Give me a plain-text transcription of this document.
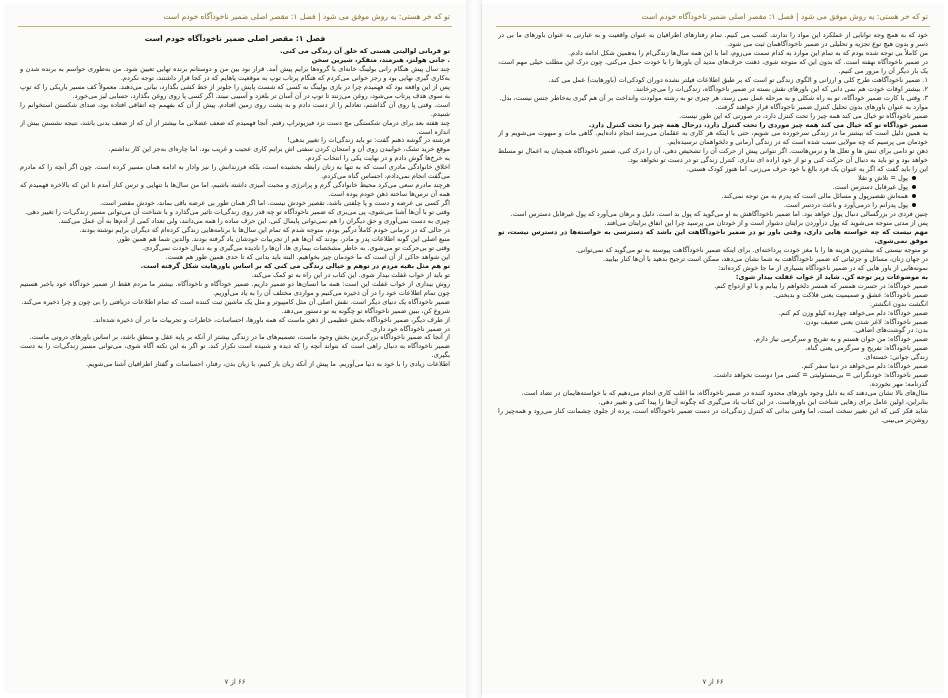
تو که خر هستی: یه روش موفق می شود | فصل ۱: مقصر اصلی ضمیر ناخودآگاه خودم است
فصل ۱: مقصر اصلی ضمیر ناخودآگاه خودم است

تو قربانی لوالیتی هستی که خلق آن زندگی می کنی.

. جانی هولتز، هنرمند، متفکر، شیرین سخن

چند سال پیش هنگام رانی بولینگ خانه‌ای با گروه‌ها برایم پیش آمد. قرار بود بین من و دوستانم برنده تهایی تعیین شود. من به‌طوری حواسم به برنده شدن و به‌کاری گیری نهایی بود و رجز خوانی می‌کردم که هنگام پرتاب توپ به موقعیت پاهایم که در کجا قرار داشتند، توجه نکردم.

پس از این واقعه بود که فهمیدم چرا در بازی بولینگ به کسی که شست پایش را جلوتر از خط کشی بگذارد، بیانی می‌دهند. معمولاً کف مسیر باریکی را که توپ به سوی هدف پرتاب می‌شود، روغن می‌زنند تا توپ در آن آسان تر بلغزد و آسیبی نبیند. اگر کسی پا روی روغن بگذارد، حسابی لیز می‌خورد.

است. وقتی پا روی آن گذاشتم، تعادلم را از دست دادم و به پشت روی زمین افتادم. پیش از آن که بفهمم چه اتفاقی افتاده بود، صدای شکستن استخوانم را شنیدم.

چند هفته بعد برای درمان شکستگی مچ دست نزد فیزیوتراپ رفتم. آنجا فهمیدم که ضعف عضلانی ما بیشتر از آن که از ضعف بدنی باشد، نتیجه نشستن بیش از اندازه است.

فرشته در گوشه ذهنم گفت: تو باید زندگی‌ات را تغییر بدهی!

موقع خرید تشک، خوابیدن روی آن و امتحان کردن سفتی اش برایم کاری عجیب و غریب بود. اما چاره‌ای به‌جز این کار نداشتم.

به خرخ‌ها گوش دادم و در نهایت یکی را انتخاب کردم.

اخلاق خانوادگی مادری است که به تنها به زنان رابطه بخشیده است، بلکه فرزندانش را نیز وادار به ادامه همان مسیر کرده است. چون اگر آنچه را که مادرم می‌گفت انجام نمی‌دادم، احساس گناه می‌کردم.

هرچند مادرم سعی می‌کرد محیط خانوادگی گرم و پرانرژی و محبت آمیزی داشته باشیم، اما من سال‌ها با تنهایی و ترس کنار آمدم تا این که بالاخره فهمیدم که همه آن ترس‌ها ساخته ذهن خودم بوده است.

اگر کسی بی عرضه و دست و پا چلفتی باشد، تقصیر خودش نیست. اما اگر همان طور بی عرضه باقی بماند، خودش مقصر است.

وقتی تو با آن‌ها آشنا می‌شوی، پی می‌بری که ضمیر ناخودآگاه تو چه قدر روی زندگی‌ات تاثیر می‌گذارد و با شناخت آن می‌توانی مسیر زندگی‌ات را تغییر دهی.

چیزی به دست نمی‌آوری و حق دیگران را هم نمی‌توانی پایمال کنی. این حرف ساده را همه می‌دانند، ولی تعداد کمی از آدم‌ها به آن عمل می‌کنند.

در حالی که در درمانی خودم کاملاً درگیر بودم، متوجه شدم که تمام این سال‌ها با برنامه‌هایی زندگی کرده‌ام که دیگران برایم نوشته بودند.

منبع اصلی این گونه اطلاعات پدر و مادر، بودند که آن‌ها هم از تجربیات خودشان یاد گرفته بودند. والدین شما هم همین طور.

وقتی تو بی‌حرکت تو می‌شوی. به خاطر مشخصات بیماری ها، آن‌ها را نادیده می‌گیری و به دنبال خودت نمی‌گردی.

این شواهد حاکی از آن است که ما خودمان چیز بخواهیم. البته باید بدانی که تا حدی همین طور هم هست.

تو هم مثل بقیه مردم در توهم و خیالی زندگی می کنی که بر اساس باورهایت شکل گرفته است.

تو باید از خواب غفلت بیدار شوی. این کتاب در این راه به تو کمک می‌کند.

روش بیداری از خواب غفلت این است: همه ما انسان‌ها دو ضمیر داریم. ضمیر خودآگاه و ناخودآگاه. بیشتر ما مردم فقط از ضمیر خودآگاه خود باخبر هستیم چون تمام اطلاعات خود را در آن ذخیره می‌کنیم و مواردی مختلف آن را به یاد می‌آوریم.

ضمیر ناخودآگاه یک دنیای دیگر است. نقش اصلی آن مثل کامپیوتر و مثل یک ماشین ثبت کننده است که تمام اطلاعات دریافتی را بی چون و چرا ذخیره می‌کند.

شروع کن، ببین ضمیر ناخودآگاه تو چگونه به تو دستور می‌دهد.

از طرف دیگر، ضمیر ناخودآگاه بخش عظیمی از ذهن ماست که همه باورها، احساسات، خاطرات و تجربیات ما در آن ذخیره شده‌اند.

در ضمیر ناخودآگاه خود داری.

از آنجا که ضمیر ناخودآگاه بزرگ‌ترین بخش وجود ماست، تصمیم‌های ما در زندگی بیشتر از آنکه بر پایه عقل و منطق باشد، بر اساس باورهای درونی ماست.

ضمیر ناخودآگاه به دنبال راهی است که بتواند آنچه را که دیده و شنیده است تکرار کند. تو اگر به این نکته آگاه شوی، می‌توانی مسیر زندگی‌ات را به دست بگیری.

اطلاعات زیادی را با خود به دنیا می‌آوریم. ما پیش از آنکه زبان باز کنیم، با زبان بدن، رفتار، احساسات و گفتار اطرافیان آشنا می‌شویم.

۶۶ از ۷
تو که خر هستی: یه روش موفق می شود | فصل ۱: مقصر اصلی ضمیر ناخودآگاه خودم است

خود که به همچ وجه توانایی از عملکرد این مواد را ندارند، کسب می کنیم. تمام رفتارهای اطرافیان به عنوان واقعیت و به عبارتی به عنوان باورهای ما بی در دسر و بدون هیچ نوع تجزیه و تحلیلی در ضمیر ناخودآگاهمان ثبت می شود.

من کاملاً بی توجه شده بودم که به تمام این موارد به کدام سمت می‌روم، اما با این همه سال‌ها زندگی‌ام را به‌همین شکل ادامه دادم.

در ضمیر ناخودآگاه نهفته است. که بدون این که متوجه شوی، ذهنت حرف‌های مدید آن باورها را با خودت حمل می‌کنی. چون درک این مطلب خیلی مهم است، یک بار دیگر آن را مرور می کنیم.

۱. ضمیر ناخودآگاهت طرح کلی و ارزانی و الگوی زندگی تو است که بر طبق اطلاعات فیلتر نشده دوران کودکی‌ات (باورهایت) عمل می کند.

۲. بیشتر اوقات خودت هم نمی دانی که این باورهای نقش بسته در ضمیر ناخودآگاه، زندگی‌ات را می‌چرخانند.

۳. وقتی با کارت ضمیر خودآگاه، تو به راه شکلی و به مرحله عمل نمی رسد، هر چیزی تو به رشته مولودت وانداخت بر آن هم گیری به‌خاطر جنس نیست، بدل.

موارد به عنوان باورهای بدون تحلیل کنترل ضمیر ناخودآگاه قرار خواهند گرفت.

ضمیر ناخودآگاه تو خیال می کند همه چیز را تحت کنترل دارد، در صورتی که این طور نیست.

ضمیر خودآگاه تو که خیال می کند همه چیز موردی را تحت کنترل دارد، درحال همه چیز را تحت کنترل دارد.

به همین دلیل است که بیشتر ما در زندگی سرخورده می شویم، حتی با اینکه هر کاری به عقلمان می‌رسد انجام داده‌ایم. گاهی مات و مبهوت می‌شویم و از خودمان می پرسیم که چه مولایی سبب شده است که در زندگی آرمانی و دلخواهمان نرسیده‌ایم.

ذهن تو دامی برای تنش ها و تعلل ها و ترس‌هاست. اگر نتوانی پیش از حرکت آن را تشخیص دهی، آن را درک کنی، ضمیر ناخودآگاه همچنان به اعمال تو مسلط خواهد بود و تو باید به دنبال آن حرکت کنی و تو از خود اراده ای نداری. کنترل زندگی تو در دست تو نخواهد بود.

این را باید گفت که اگر به عنوان یک فرد بالغ با خود حرف می‌زنی، اما هنوز کودک هستی.

پول = تلاش و تقلا
پول غیرقابل دسترس است.
همه‌اش تقصیرپول و مسائل مالی است که پدرم به من توجه نمی‌کند.
پول پدرانم را درمی‌آورد و باعث دردسر است.

چنین فردی در بزرگسالی دنبال پول خواهد بود. اما ضمیر ناخودآگاهش به او می‌گوید که پول بد است. دلیل و برهان می‌آورد که پول غیرقابل دسترس است.

پس از مدتی متوجه می‌شوید که پول درآوردن برایتان دشوار است و از خودتان می پرسید چرا این اتفاق برایتان می‌افتد.

مهم نیست که چه خواسته هایی داری، وقتی باور تو در ضمیر ناخودآگاهت این باشد که دسترسی به خواسته‌ها در دسترس نیست، تو موفق نمی‌شوی.

تو متوجه نیستی که بیشترین هزینه ها را با مغز خودت پرداخته‌ای. برای اینکه ضمیر ناخودآگاهت پیوسته به تو می‌گوید که نمی‌توانی.

در جهان زنان، مسائل و جزئیاتی که ضمیر ناخودآگاهت به شما نشان می‌دهد، ممکن است ترجیح بدهید با آن‌ها کنار بیایید.

نمونه‌هایی از باور هایی که در ضمیر ناخودآگاه بسیاری از ما جا خوش کرده‌اند:

به موضوعات زیر توجه کن. شاید از خواب غفلت بیدار شوی:

ضمیر خودآگاه: در حسرت همسر که همسر دلخواهم را بیابم و با او ازدواج کنم.

ضمیر ناخودآگاه: عشق و صمیمیت یعنی فلاکت و بدبختی.

انگشت بدون انگشتر.

ضمیر خودآگاه: دلم می‌خواهد چهارده کیلو وزن کم کنم.

ضمیر ناخودآگاه: لاغر شدن یعنی ضعیف بودن.

بدن: در گوشت‌های اضافی.

ضمیر خودآگاه: من جوان هستم و به تفریح و سرگرمی نیاز دارم.

ضمیر ناخودآگاه: تفریح و سرگرمی یعنی گناه.

زندگی جوانی: خسته‌ای.

ضمیر خودآگاه: دلم می‌خواهد در دنیا سفر کنم.

ضمیر ناخودآگاه: خودنگرانی = بی‌مسئولیتی = کسی مرا دوست نخواهد داشت.

گذرنامه: مهر نخورده.

مثال‌های بالا نشان می‌دهند که به دلیل وجود باورهای محدود کننده در ضمیر ناخودآگاه، ما اغلب کاری انجام می‌دهیم که با خواسته‌هایمان در تضاد است.

بنابراین، اولین عامل برای رهایی شناخت این باورهاست. در این کتاب یاد می‌گیری که چگونه آن‌ها را پیدا کنی و تغییر دهی.

شاید فکر کنی که این تغییر سخت است، اما وقتی بدانی که کنترل زندگی‌ات در دست ضمیر ناخودآگاه است، پرده از جلوی چشمانت کنار می‌رود و همه‌چیز را روشن‌تر می‌بینی.

۶۶ از ۷
